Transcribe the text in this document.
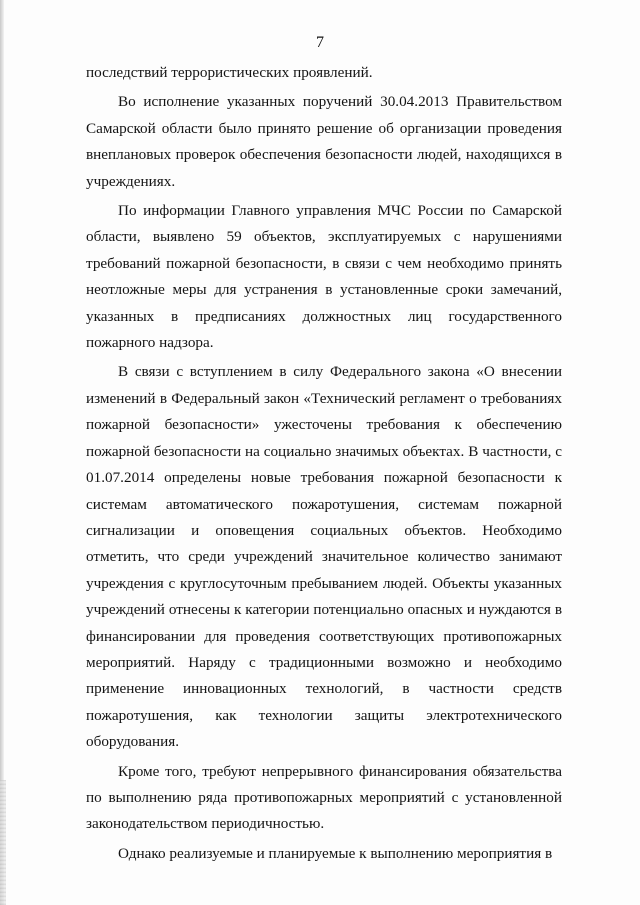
7

последствий террористических проявлений.

Во исполнение указанных поручений 30.04.2013 Правительством Самарской области было принято решение об организации проведения внеплановых проверок обеспечения безопасности людей, находящихся в учреждениях.

По информации Главного управления МЧС России по Самарской области, выявлено 59 объектов, эксплуатируемых с нарушениями требований пожарной безопасности, в связи с чем необходимо принять неотложные меры для устранения в установленные сроки замечаний, указанных в предписаниях должностных лиц государственного пожарного надзора.

В связи с вступлением в силу Федерального закона «О внесении изменений в Федеральный закон «Технический регламент о требованиях пожарной безопасности» ужесточены требования к обеспечению пожарной безопасности на социально значимых объектах. В частности, с 01.07.2014 определены новые требования пожарной безопасности к системам автоматического пожаротушения, системам пожарной сигнализации и оповещения социальных объектов. Необходимо отметить, что среди учреждений значительное количество занимают учреждения с круглосуточным пребыванием людей. Объекты указанных учреждений отнесены к категории потенциально опасных и нуждаются в финансировании для проведения соответствующих противопожарных мероприятий. Наряду с традиционными возможно и необходимо применение инновационных технологий, в частности средств пожаротушения, как технологии защиты электротехнического оборудования.

Кроме того, требуют непрерывного финансирования обязательства по выполнению ряда противопожарных мероприятий с установленной законодательством периодичностью.

Однако реализуемые и планируемые к выполнению мероприятия в
